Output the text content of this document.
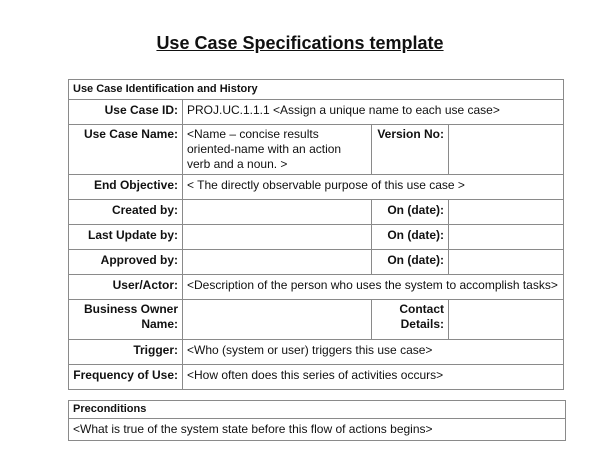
Use Case Specifications template
Use Case Identification and History			
Use Case ID:	PROJ.UC.1.1.1 <Assign a unique name to each use case>		
Use Case Name:	<Name – concise results oriented-name with an action verb and a noun. >	Version No:	
End Objective:	< The directly observable purpose of this use case >		
Created by:		On (date):	
Last Update by:		On (date):	
Approved by:		On (date):	
User/Actor:	<Description of the person who uses the system to accomplish tasks>		
Business Owner Name:		Contact Details:	
Trigger:	<Who (system or user) triggers this use case>		
Frequency of Use:	<How often does this series of activities occurs>		
Preconditions
<What is true of the system state before this flow of actions begins>
